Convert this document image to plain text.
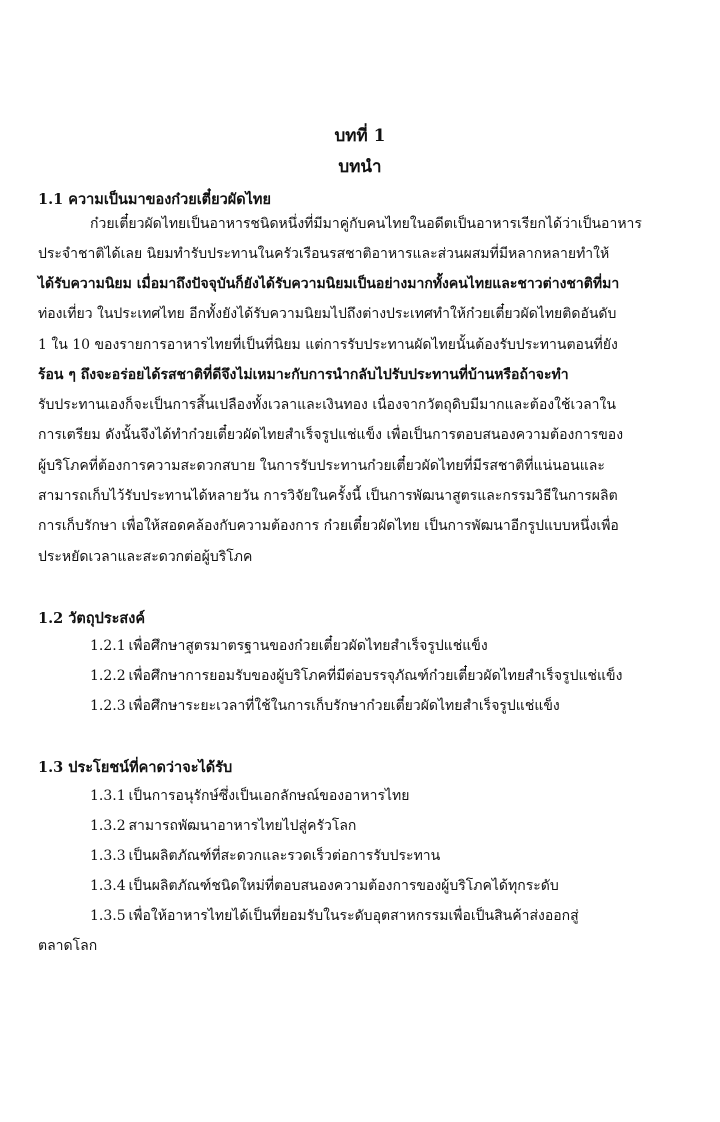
บทที่ 1
บทนำ
1.1 ความเป็นมาของก๋วยเตี๋ยวผัดไทย
ก๋วยเตี๋ยวผัดไทยเป็นอาหารชนิดหนึ่งที่มีมาคู่กับคนไทยในอดีตเป็นอาหารเรียกได้ว่าเป็นอาหาร
ประจำชาติได้เลย นิยมทำรับประทานในครัวเรือนรสชาติอาหารและส่วนผสมที่มีหลากหลายทำให้
ได้รับความนิยม เมื่อมาถึงปัจจุบันก็ยังได้รับความนิยมเป็นอย่างมากทั้งคนไทยและชาวต่างชาติที่มา
ท่องเที่ยว ในประเทศไทย อีกทั้งยังได้รับความนิยมไปถึงต่างประเทศทำให้ก๋วยเตี๋ยวผัดไทยติดอันดับ
1 ใน 10 ของรายการอาหารไทยที่เป็นที่นิยม แต่การรับประทานผัดไทยนั้นต้องรับประทานตอนที่ยัง
ร้อน ๆ ถึงจะอร่อยได้รสชาติที่ดีจึงไม่เหมาะกับการนำกลับไปรับประทานที่บ้านหรือถ้าจะทำ
รับประทานเองก็จะเป็นการสิ้นเปลืองทั้งเวลาและเงินทอง เนื่องจากวัตถุดิบมีมากและต้องใช้เวลาใน
การเตรียม ดังนั้นจึงได้ทำก๋วยเตี๋ยวผัดไทยสำเร็จรูปแช่แข็ง เพื่อเป็นการตอบสนองความต้องการของ
ผู้บริโภคที่ต้องการความสะดวกสบาย ในการรับประทานก๋วยเตี๋ยวผัดไทยที่มีรสชาติที่แน่นอนและ
สามารถเก็บไว้รับประทานได้หลายวัน การวิจัยในครั้งนี้ เป็นการพัฒนาสูตรและกรรมวิธีในการผลิต
การเก็บรักษา เพื่อให้สอดคล้องกับความต้องการ ก๋วยเตี๋ยวผัดไทย เป็นการพัฒนาอีกรูปแบบหนึ่งเพื่อ
ประหยัดเวลาและสะดวกต่อผู้บริโภค
1.2 วัตถุประสงค์
1.2.1 เพื่อศึกษาสูตรมาตรฐานของก๋วยเตี๋ยวผัดไทยสำเร็จรูปแช่แข็ง
1.2.2 เพื่อศึกษาการยอมรับของผู้บริโภคที่มีต่อบรรจุภัณฑ์ก๋วยเตี๋ยวผัดไทยสำเร็จรูปแช่แข็ง
1.2.3 เพื่อศึกษาระยะเวลาที่ใช้ในการเก็บรักษาก๋วยเตี๋ยวผัดไทยสำเร็จรูปแช่แข็ง
1.3 ประโยชน์ที่คาดว่าจะได้รับ
1.3.1 เป็นการอนุรักษ์ซึ่งเป็นเอกลักษณ์ของอาหารไทย
1.3.2 สามารถพัฒนาอาหารไทยไปสู่ครัวโลก
1.3.3 เป็นผลิตภัณฑ์ที่สะดวกและรวดเร็วต่อการรับประทาน
1.3.4 เป็นผลิตภัณฑ์ชนิดใหม่ที่ตอบสนองความต้องการของผู้บริโภคได้ทุกระดับ
1.3.5 เพื่อให้อาหารไทยได้เป็นที่ยอมรับในระดับอุตสาหกรรมเพื่อเป็นสินค้าส่งออกสู่
ตลาดโลก
